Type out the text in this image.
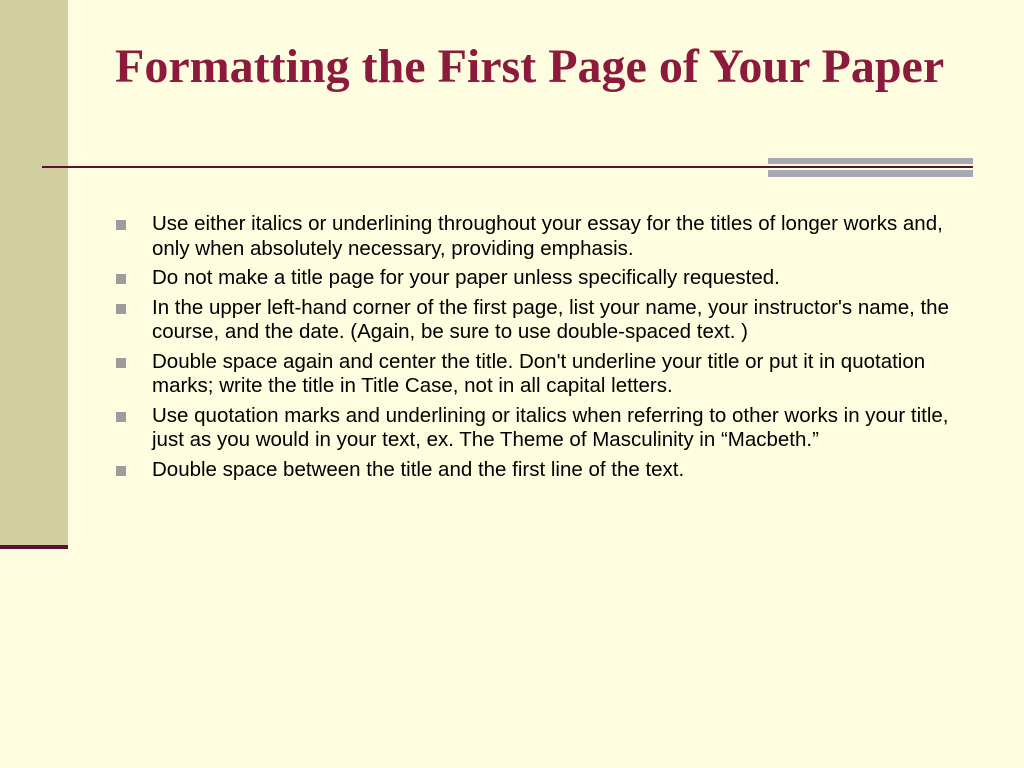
Formatting the First Page of Your Paper
Use either italics or underlining throughout your essay for the titles of longer works and, only when absolutely necessary, providing emphasis.
Do not make a title page for your paper unless specifically requested.
In the upper left-hand corner of the first page, list your name, your instructor's name, the course, and the date. (Again, be sure to use double-spaced text. )
Double space again and center the title. Don't underline your title or put it in quotation marks; write the title in Title Case, not in all capital letters.
Use quotation marks and underlining or italics when referring to other works in your title, just as you would in your text, ex. The Theme of Masculinity in “Macbeth.”
Double space between the title and the first line of the text.
